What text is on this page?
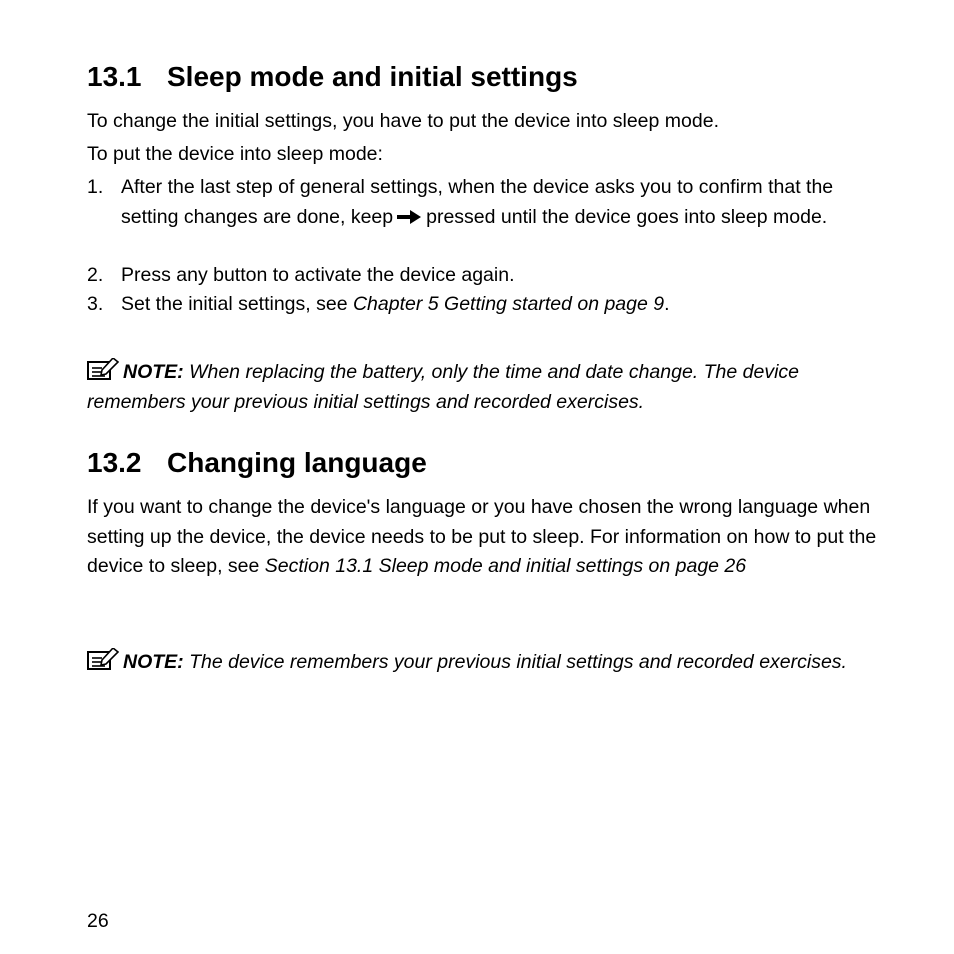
13.1 Sleep mode and initial settings

To change the initial settings, you have to put the device into sleep mode.

To put the device into sleep mode:

1. After the last step of general settings, when the device asks you to confirm that the setting changes are done, keep pressed until the device goes into sleep mode.
2. Press any button to activate the device again.
3. Set the initial settings, see Chapter 5 Getting started on page 9.
NOTE: When replacing the battery, only the time and date change. The device remembers your previous initial settings and recorded exercises.
13.2 Changing language

If you want to change the device's language or you have chosen the wrong language when setting up the device, the device needs to be put to sleep. For information on how to put the device to sleep, see Section 13.1 Sleep mode and initial settings on page 26

NOTE: The device remembers your previous initial settings and recorded exercises.
26
